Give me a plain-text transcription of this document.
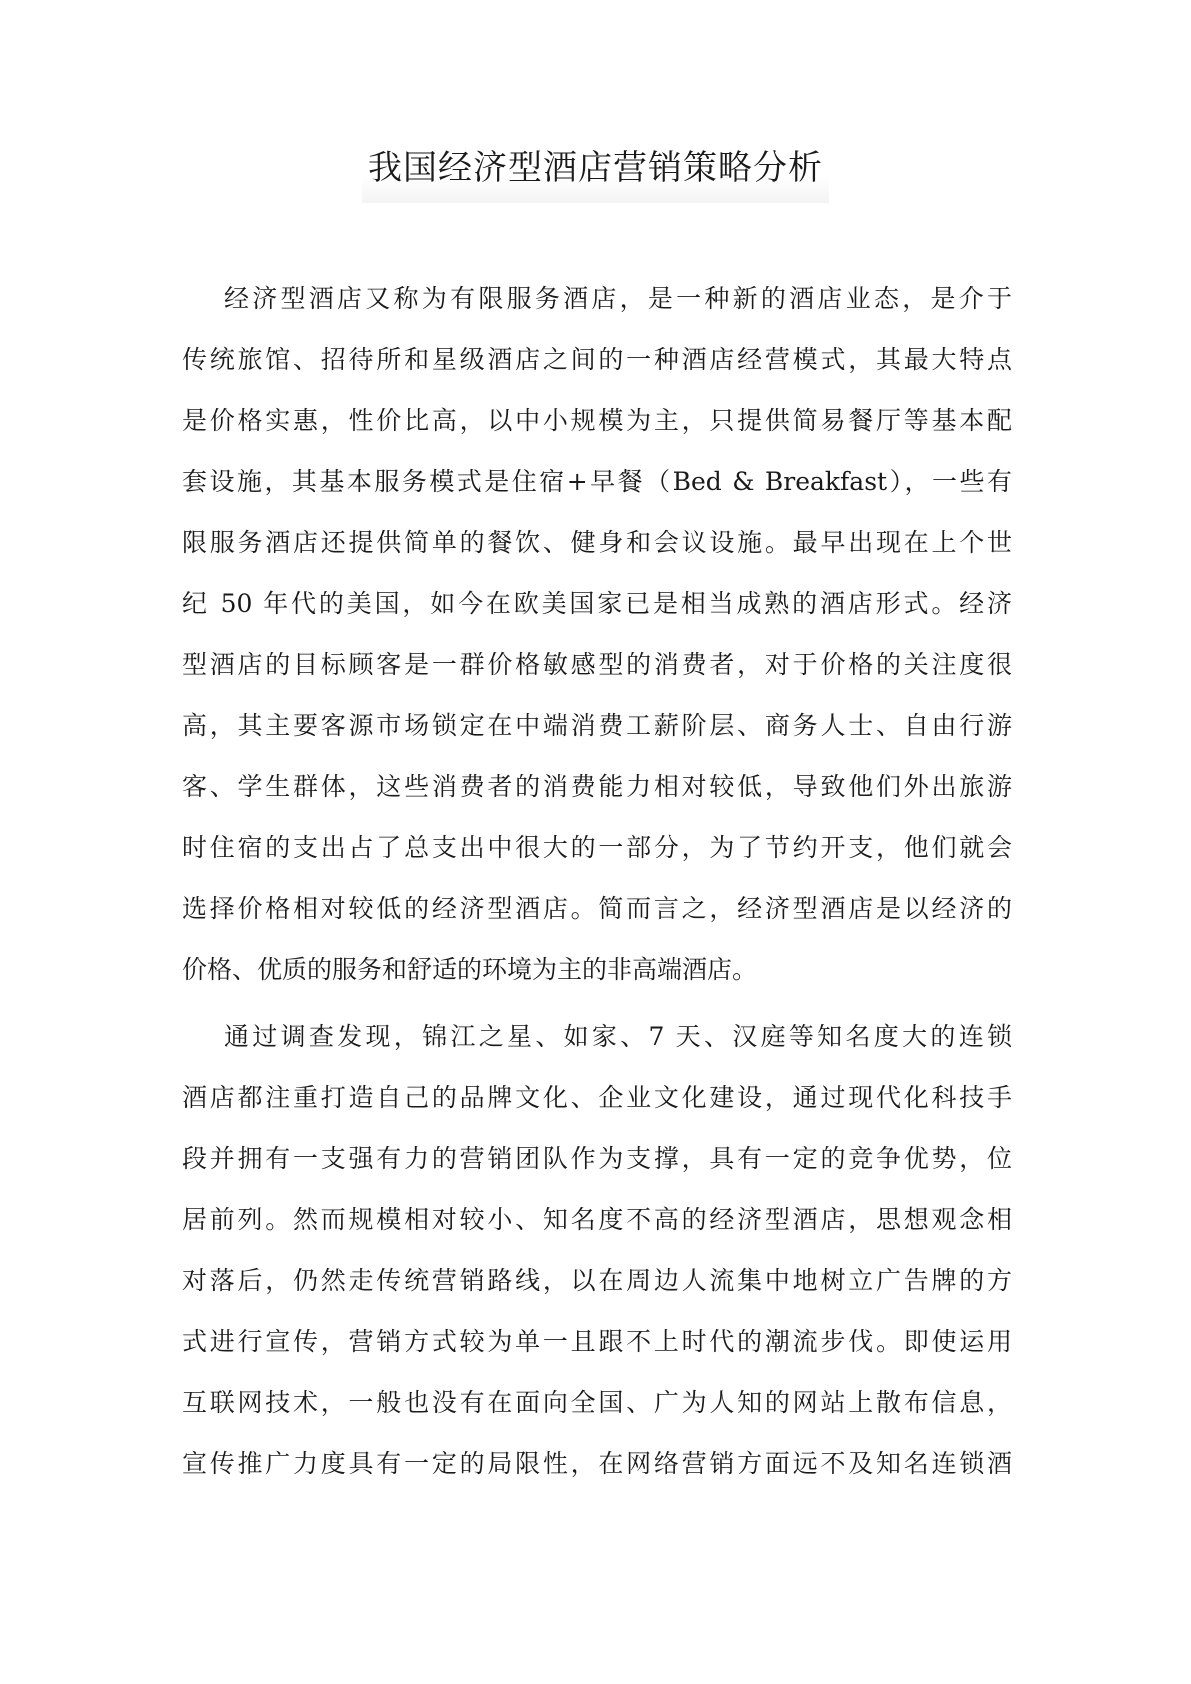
我国经济型酒店营销策略分析
经济型酒店又称为有限服务酒店，是一种新的酒店业态，是介于
传统旅馆、招待所和星级酒店之间的一种酒店经营模式，其最大特点
是价格实惠，性价比高，以中小规模为主，只提供简易餐厅等基本配
套设施，其基本服务模式是住宿+早餐（Bed & Breakfast），一些有
限服务酒店还提供简单的餐饮、健身和会议设施。最早出现在上个世
纪 50 年代的美国，如今在欧美国家已是相当成熟的酒店形式。经济
型酒店的目标顾客是一群价格敏感型的消费者，对于价格的关注度很
高，其主要客源市场锁定在中端消费工薪阶层、商务人士、自由行游
客、学生群体，这些消费者的消费能力相对较低，导致他们外出旅游
时住宿的支出占了总支出中很大的一部分，为了节约开支，他们就会
选择价格相对较低的经济型酒店。简而言之，经济型酒店是以经济的
价格、优质的服务和舒适的环境为主的非高端酒店。
通过调查发现，锦江之星、如家、7 天、汉庭等知名度大的连锁
酒店都注重打造自己的品牌文化、企业文化建设，通过现代化科技手
段并拥有一支强有力的营销团队作为支撑，具有一定的竞争优势，位
居前列。然而规模相对较小、知名度不高的经济型酒店，思想观念相
对落后，仍然走传统营销路线，以在周边人流集中地树立广告牌的方
式进行宣传，营销方式较为单一且跟不上时代的潮流步伐。即使运用
互联网技术，一般也没有在面向全国、广为人知的网站上散布信息，
宣传推广力度具有一定的局限性，在网络营销方面远不及知名连锁酒
